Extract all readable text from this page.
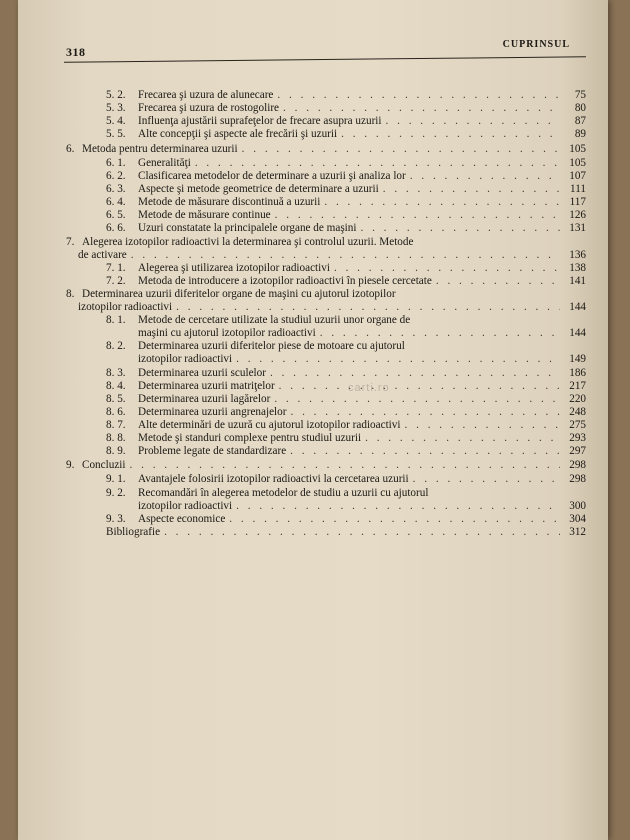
318
CUPRINSUL
carti.ro
5. 2.	Frecarea şi uzura de alunecare . . .	75
5. 3.	Frecarea şi uzura de rostogolire . . .	80
5. 4.	Influenţa ajustării suprafeţelor de frecare asupra uzurii . . .	87
5. 5.	Alte concepţii şi aspecte ale frecării şi uzurii . . .	89
6. Metoda pentru determinarea uzurii . . .	105
6. 1.	Generalităţi . . .	105
6. 2.	Clasificarea metodelor de determinare a uzurii şi analiza lor . . .	107
6. 3.	Aspecte şi metode geometrice de determinare a uzurii . . .	111
6. 4.	Metode de măsurare discontinuă a uzurii . . .	117
6. 5.	Metode de măsurare continue . . .	126
6. 6.	Uzuri constatate la principalele organe de maşini . . .	131
7. Alegerea izotopilor radioactivi la determinarea şi controlul uzurii. Metode
de activare . . .	136
7. 1.	Alegerea şi utilizarea izotopilor radioactivi . . .	138
7. 2.	Metoda de introducere a izotopilor radioactivi în piesele cercetate . . .	141
8. Determinarea uzurii diferitelor organe de maşini cu ajutorul izotopilor
izotopilor radioactivi . . .	144
8. 1.	Metode de cercetare utilizate la studiul uzurii unor organe de
maşini cu ajutorul izotopilor radioactivi . . .	144
8. 2.	Determinarea uzurii diferitelor piese de motoare cu ajutorul
izotopilor radioactivi . . .	149
8. 3.	Determinarea uzurii sculelor . . .	186
8. 4.	Determinarea uzurii matriţelor . . .	217
8. 5.	Determinarea uzurii lagărelor . . .	220
8. 6.	Determinarea uzurii angrenajelor . . .	248
8. 7.	Alte determinări de uzură cu ajutorul izotopilor radioactivi . . .	275
8. 8.	Metode şi standuri complexe pentru studiul uzurii . . .	293
8. 9.	Probleme legate de standardizare . . .	297
9. Concluzii . . .	298
9. 1.	Avantajele folosirii izotopilor radioactivi la cercetarea uzurii . . .	298
9. 2.	Recomandări în alegerea metodelor de studiu a uzurii cu ajutorul
izotopilor radioactivi . . .	300
9. 3.	Aspecte economice . . .	304
Bibliografie . . .	312
